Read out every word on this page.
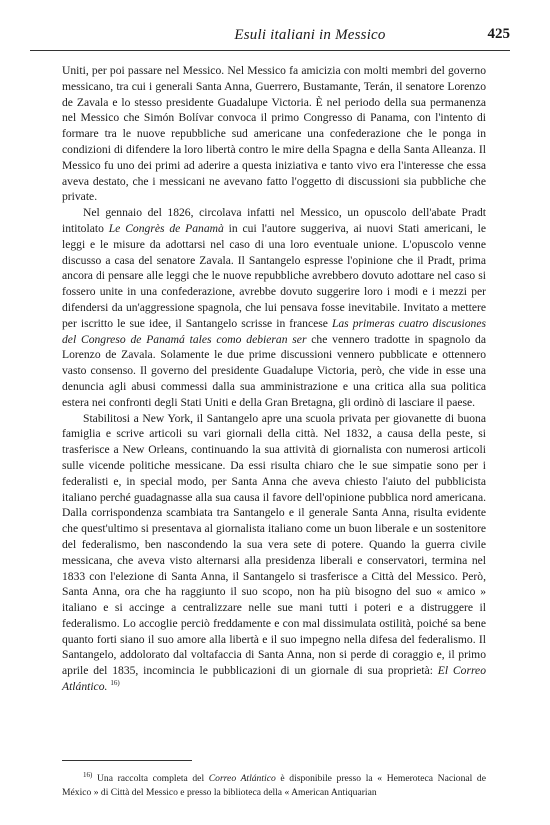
Esuli italiani in Messico	425

Uniti, per poi passare nel Messico. Nel Messico fa amicizia con molti membri del governo messicano, tra cui i generali Santa Anna, Guerrero, Bustamante, Terán, il senatore Lorenzo de Zavala e lo stesso presidente Guadalupe Victoria. È nel periodo della sua permanenza nel Messico che Simón Bolívar convoca il primo Congresso di Panama, con l'intento di formare tra le nuove repubbliche sud americane una confederazione che le ponga in condizioni di difendere la loro libertà contro le mire della Spagna e della Santa Alleanza. Il Messico fu uno dei primi ad aderire a questa iniziativa e tanto vivo era l'interesse che essa aveva destato, che i messicani ne avevano fatto l'oggetto di discussioni sia pubbliche che private.

Nel gennaio del 1826, circolava infatti nel Messico, un opuscolo dell'abate Pradt intitolato Le Congrès de Panamà in cui l'autore suggeriva, ai nuovi Stati americani, le leggi e le misure da adottarsi nel caso di una loro eventuale unione. L'opuscolo venne discusso a casa del senatore Zavala. Il Santangelo espresse l'opinione che il Pradt, prima ancora di pensare alle leggi che le nuove repubbliche avrebbero dovuto adottare nel caso si fossero unite in una confederazione, avrebbe dovuto suggerire loro i modi e i mezzi per difendersi da un'aggressione spagnola, che lui pensava fosse inevitabile. Invitato a mettere per iscritto le sue idee, il Santangelo scrisse in francese Las primeras cuatro discusiones del Congreso de Panamá tales como debieran ser che vennero tradotte in spagnolo da Lorenzo de Zavala. Solamente le due prime discussioni vennero pubblicate e ottennero vasto consenso. Il governo del presidente Guadalupe Victoria, però, che vide in esse una denuncia agli abusi commessi dalla sua amministrazione e una critica alla sua politica estera nei confronti degli Stati Uniti e della Gran Bretagna, gli ordinò di lasciare il paese.

Stabilitosi a New York, il Santangelo apre una scuola privata per giovanette di buona famiglia e scrive articoli su vari giornali della città. Nel 1832, a causa della peste, si trasferisce a New Orleans, continuando la sua attività di giornalista con numerosi articoli sulle vicende politiche messicane. Da essi risulta chiaro che le sue simpatie sono per i federalisti e, in special modo, per Santa Anna che aveva chiesto l'aiuto del pubblicista italiano perché guadagnasse alla sua causa il favore dell'opinione pubblica nord americana. Dalla corrispondenza scambiata tra Santangelo e il generale Santa Anna, risulta evidente che quest'ultimo si presentava al giornalista italiano come un buon liberale e un sostenitore del federalismo, ben nascondendo la sua vera sete di potere. Quando la guerra civile messicana, che aveva visto alternarsi alla presidenza liberali e conservatori, termina nel 1833 con l'elezione di Santa Anna, il Santangelo si trasferisce a Città del Messico. Però, Santa Anna, ora che ha raggiunto il suo scopo, non ha più bisogno del suo « amico » italiano e si accinge a centralizzare nelle sue mani tutti i poteri e a distruggere il federalismo. Lo accoglie perciò freddamente e con mal dissimulata ostilità, poiché sa bene quanto forti siano il suo amore alla libertà e il suo impegno nella difesa del federalismo. Il Santangelo, addolorato dal voltafaccia di Santa Anna, non si perde di coraggio e, il primo aprile del 1835, incomincia le pubblicazioni di un giornale di sua proprietà: El Correo Atlántico. $^{16)}$

$^{16)}$ Una raccolta completa del Correo Atlántico è disponibile presso la « Hemeroteca Nacional de México » di Città del Messico e presso la biblioteca della « American Antiquarian
